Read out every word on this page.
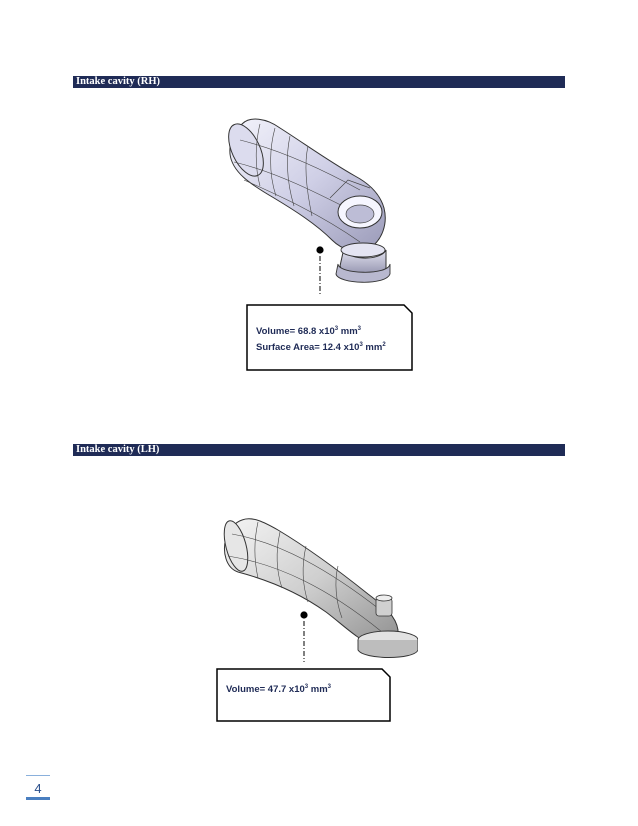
Intake cavity (RH)
Volume= 68.8 $x10^3$ $mm^3$
Surface Area= 12.4 $x10^3$ $mm^2$
Intake cavity (LH)
Volume= 47.7 $x10^3$ $mm^3$
4
